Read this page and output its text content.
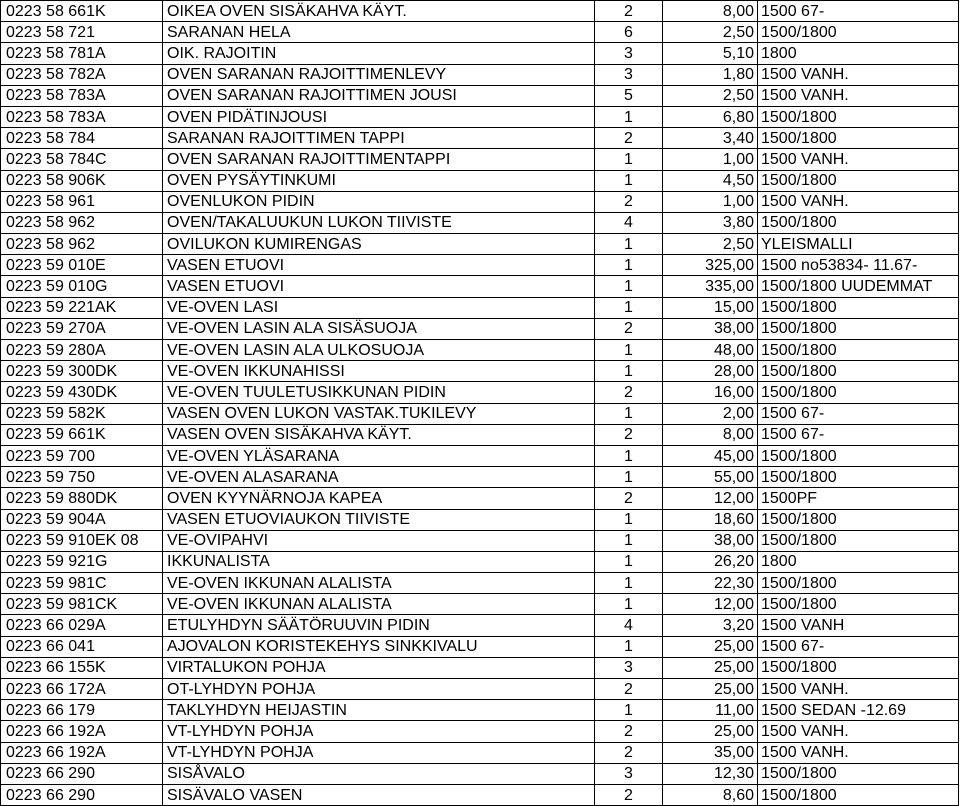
0223 58 661K	OIKEA OVEN SISÄKAHVA KÄYT.	2	8,00	1500 67-
0223 58 721	SARANAN HELA	6	2,50	1500/1800
0223 58 781A	OIK. RAJOITIN	3	5,10	1800
0223 58 782A	OVEN SARANAN RAJOITTIMENLEVY	3	1,80	1500 VANH.
0223 58 783A	OVEN SARANAN RAJOITTIMEN JOUSI	5	2,50	1500 VANH.
0223 58 783A	OVEN PIDÄTINJOUSI	1	6,80	1500/1800
0223 58 784	SARANAN RAJOITTIMEN TAPPI	2	3,40	1500/1800
0223 58 784C	OVEN SARANAN RAJOITTIMENTAPPI	1	1,00	1500 VANH.
0223 58 906K	OVEN PYSÄYTINKUMI	1	4,50	1500/1800
0223 58 961	OVENLUKON PIDIN	2	1,00	1500 VANH.
0223 58 962	OVEN/TAKALUUKUN LUKON TIIVISTE	4	3,80	1500/1800
0223 58 962	OVILUKON KUMIRENGAS	1	2,50	YLEISMALLI
0223 59 010E	VASEN ETUOVI	1	325,00	1500 no53834- 11.67-
0223 59 010G	VASEN ETUOVI	1	335,00	1500/1800 UUDEMMAT
0223 59 221AK	VE-OVEN LASI	1	15,00	1500/1800
0223 59 270A	VE-OVEN LASIN ALA SISÄSUOJA	2	38,00	1500/1800
0223 59 280A	VE-OVEN LASIN ALA ULKOSUOJA	1	48,00	1500/1800
0223 59 300DK	VE-OVEN IKKUNAHISSI	1	28,00	1500/1800
0223 59 430DK	VE-OVEN TUULETUSIKKUNAN PIDIN	2	16,00	1500/1800
0223 59 582K	VASEN OVEN LUKON VASTAK.TUKILEVY	1	2,00	1500 67-
0223 59 661K	VASEN OVEN SISÄKAHVA KÄYT.	2	8,00	1500 67-
0223 59 700	VE-OVEN YLÄSARANA	1	45,00	1500/1800
0223 59 750	VE-OVEN ALASARANA	1	55,00	1500/1800
0223 59 880DK	OVEN KYYNÄRNOJA KAPEA	2	12,00	1500PF
0223 59 904A	VASEN ETUOVIAUKON TIIVISTE	1	18,60	1500/1800
0223 59 910EK 08	VE-OVIPAHVI	1	38,00	1500/1800
0223 59 921G	IKKUNALISTA	1	26,20	1800
0223 59 981C	VE-OVEN IKKUNAN ALALISTA	1	22,30	1500/1800
0223 59 981CK	VE-OVEN IKKUNAN ALALISTA	1	12,00	1500/1800
0223 66 029A	ETULYHDYN SÄÄTÖRUUVIN PIDIN	4	3,20	1500 VANH
0223 66 041	AJOVALON KORISTEKEHYS SINKKIVALU	1	25,00	1500 67-
0223 66 155K	VIRTALUKON POHJA	3	25,00	1500/1800
0223 66 172A	OT-LYHDYN POHJA	2	25,00	1500 VANH.
0223 66 179	TAKLYHDYN HEIJASTIN	1	11,00	1500 SEDAN -12.69
0223 66 192A	VT-LYHDYN POHJA	2	25,00	1500 VANH.
0223 66 192A	VT-LYHDYN POHJA	2	35,00	1500 VANH.
0223 66 290	SISÅVALO	3	12,30	1500/1800
0223 66 290	SISÄVALO VASEN	2	8,60	1500/1800
